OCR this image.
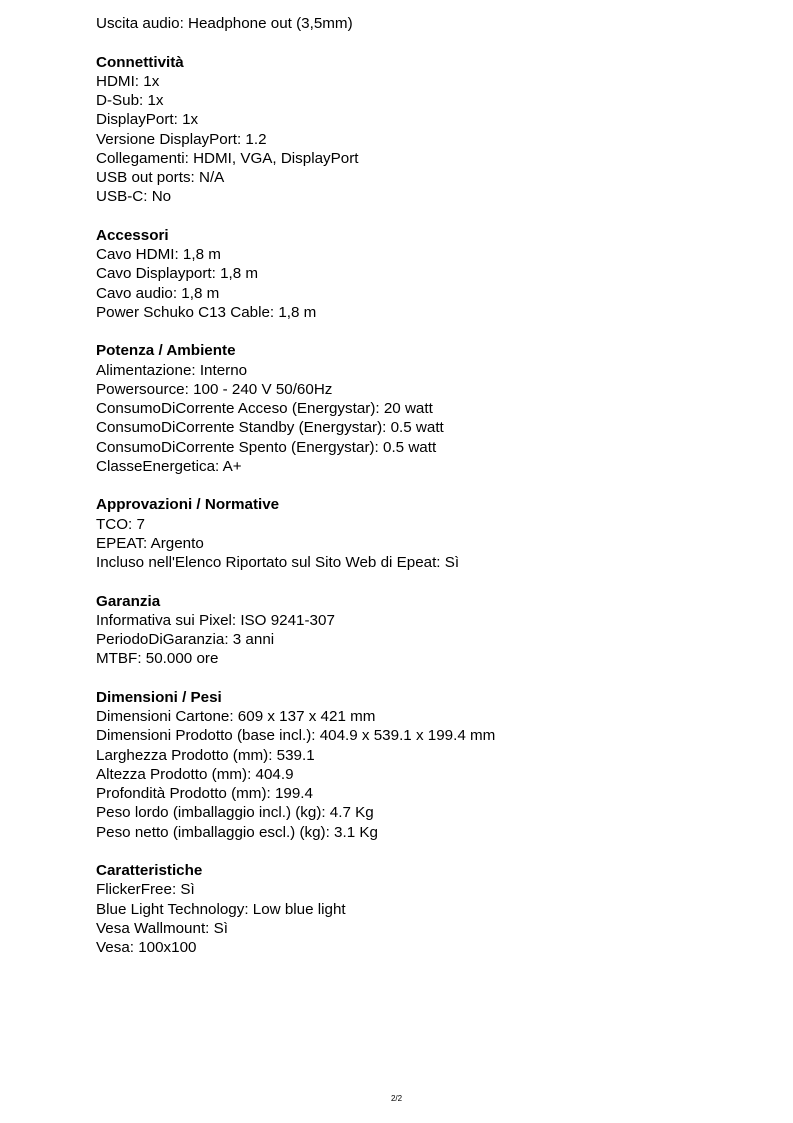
Uscita audio: Headphone out (3,5mm)
Connettività
HDMI: 1x
D-Sub: 1x
DisplayPort: 1x
Versione DisplayPort: 1.2
Collegamenti: HDMI, VGA, DisplayPort
USB out ports: N/A
USB-C: No
Accessori
Cavo HDMI: 1,8 m
Cavo Displayport: 1,8 m
Cavo audio: 1,8 m
Power Schuko C13 Cable: 1,8 m
Potenza / Ambiente
Alimentazione: Interno
Powersource: 100 - 240 V 50/60Hz
ConsumoDiCorrente Acceso (Energystar): 20 watt
ConsumoDiCorrente Standby (Energystar): 0.5 watt
ConsumoDiCorrente Spento (Energystar): 0.5 watt
ClasseEnergetica: A+
Approvazioni / Normative
TCO: 7
EPEAT: Argento
Incluso nell'Elenco Riportato sul Sito Web di Epeat: Sì
Garanzia
Informativa sui Pixel: ISO 9241-307
PeriodoDiGaranzia: 3 anni
MTBF: 50.000 ore
Dimensioni / Pesi
Dimensioni Cartone: 609 x 137 x 421 mm
Dimensioni Prodotto (base incl.): 404.9 x 539.1 x 199.4 mm
Larghezza Prodotto (mm): 539.1
Altezza Prodotto (mm): 404.9
Profondità Prodotto (mm): 199.4
Peso lordo (imballaggio incl.) (kg): 4.7 Kg
Peso netto (imballaggio escl.) (kg): 3.1 Kg
Caratteristiche
FlickerFree: Sì
Blue Light Technology: Low blue light
Vesa Wallmount: Sì
Vesa: 100x100
2/2
